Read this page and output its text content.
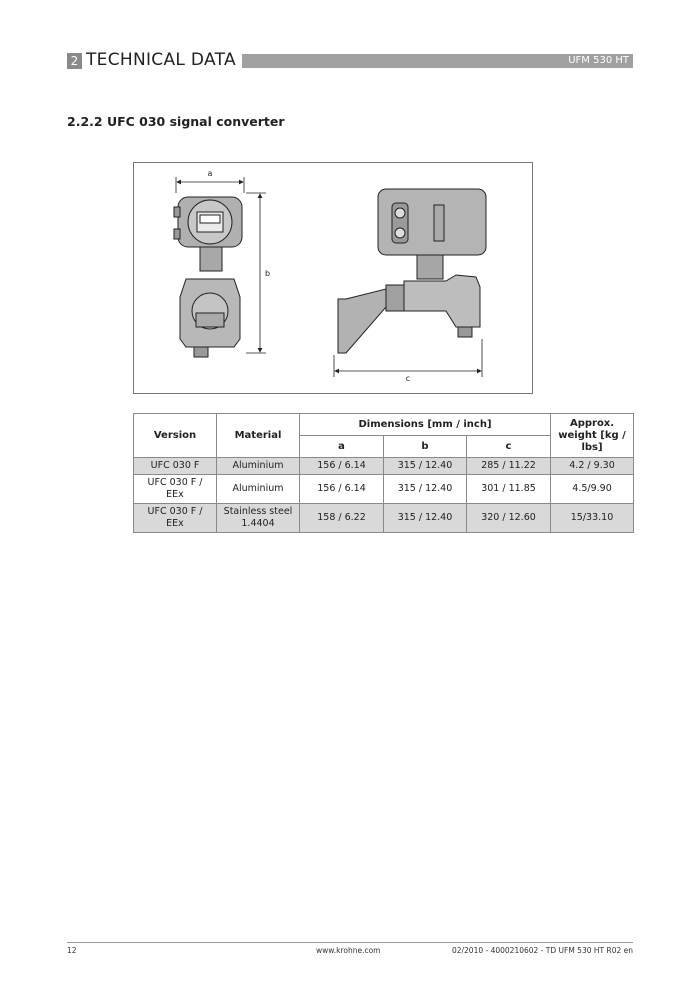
2 TECHNICAL DATA	UFM 530 HT
2.2.2 UFC 030 signal converter
a
b
c
Version	Material	Dimensions [mm / inch]			Approx. weight [kg / lbs]
		a	b	c	
UFC 030 F	Aluminium	156 / 6.14	315 / 12.40	285 / 11.22	4.2 / 9.30
UFC 030 F / EEx	Aluminium	156 / 6.14	315 / 12.40	301 / 11.85	4.5/9.90
UFC 030 F / EEx	Stainless steel 1.4404	158 / 6.22	315 / 12.40	320 / 12.60	15/33.10
12	www.krohne.com	02/2010 - 4000210602 - TD UFM 530 HT R02 en
